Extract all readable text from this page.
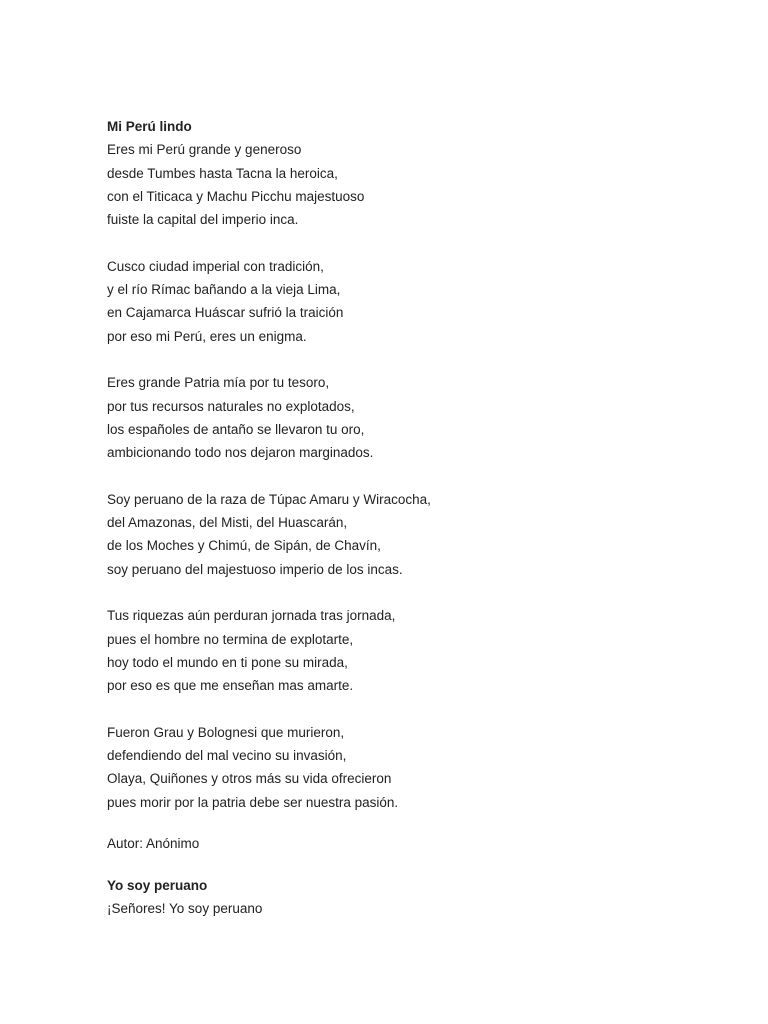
Mi Perú lindo

Eres mi Perú grande y generoso
desde Tumbes hasta Tacna la heroica,
con el Titicaca y Machu Picchu majestuoso
fuiste la capital del imperio inca.
Cusco ciudad imperial con tradición,
y el río Rímac bañando a la vieja Lima,
en Cajamarca Huáscar sufrió la traición
por eso mi Perú, eres un enigma.
Eres grande Patria mía por tu tesoro,
por tus recursos naturales no explotados,
los españoles de antaño se llevaron tu oro,
ambicionando todo nos dejaron marginados.
Soy peruano de la raza de Túpac Amaru y Wiracocha,
del Amazonas, del Misti, del Huascarán,
de los Moches y Chimú, de Sipán, de Chavín,
soy peruano del majestuoso imperio de los incas.
Tus riquezas aún perduran jornada tras jornada,
pues el hombre no termina de explotarte,
hoy todo el mundo en ti pone su mirada,
por eso es que me enseñan mas amarte.
Fueron Grau y Bolognesi que murieron,
defendiendo del mal vecino su invasión,
Olaya, Quiñones y otros más su vida ofrecieron
pues morir por la patria debe ser nuestra pasión.

Autor: Anónimo

Yo soy peruano

¡Señores! Yo soy peruano
